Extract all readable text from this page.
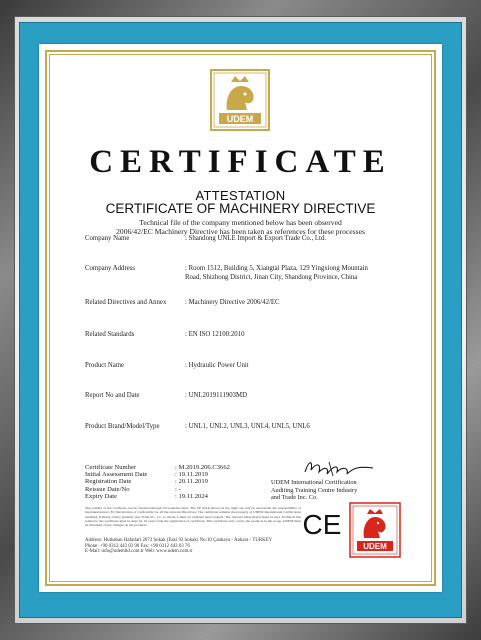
UDEM
CERTIFICATE
ATTESTATION
CERTIFICATE OF MACHINERY DIRECTIVE
Technical file of the company mentioned below has been observed
2006/42/EC Machinery Directive has been taken as references for these processes
Company Name	: Shandong UNLE Import & Export Trade Co., Ltd.
Company Address	: Room 1512, Building 5, Xiangtai Plaza, 129 Yingxiong Mountain Road, Shizhong District, Jinan City, Shandong Province, China
Related Directives and Annex	: Machinery Directive 2006/42/EC
Related Standards	: EN ISO 12100:2010
Product Name	: Hydraulic Power Unit
Report No and Date	: UNL2019111903MD
Product Brand/Model/Type	: UNL1, UNL2, UNL3, UNL4, UNL5, UNL6
Certificate Number	: M.2019.206.C3662
Initial Assessment Date	: 19.11.2019
Registration Date	: 20.11.2019
Reissue Date/No	: -
Expiry Date	: 19.11.2024
UDEM International Certification
Auditing Training Centre Industry
and Trade Inc. Co.
The validity of the certificate can be checked through www.udem.com.tr. The CE mark shown on the right can only be used under the responsibility of the manufacturer. EC Declaration of Conformity for all the relevant Directives. The certificate remains the property of UDEM International Certification Auditing Training Centre Industry and Trade Inc. Co. to whom it must be returned upon request. The relevant Directive(s) must be met. Technical file related to the certificate must be kept for 10 years from the registration of certificate. This certificate only covers the products in the scope. UDEM must be informed of any changes on the products.
Address: Hutbaban Hafatlari 2073 Sokak (Eski 93 Sokak) No:10 Çankaya - Ankara - TURKEY
Phone: +90 0312 443 03 90 Fax: +90 0312 443 03 76
E-Mail: info@udemltd.com.tr Web: www.udem.com.tr
CE
UDEM
